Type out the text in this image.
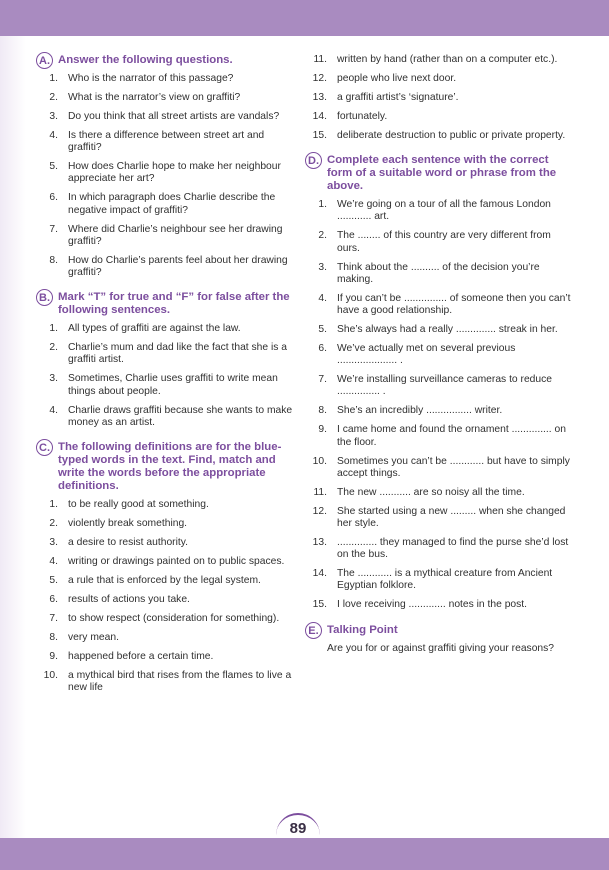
A. Answer the following questions.
1. Who is the narrator of this passage?
2. What is the narrator’s view on graffiti?
3. Do you think that all street artists are vandals?
4. Is there a difference between street art and graffiti?
5. How does Charlie hope to make her neighbour appreciate her art?
6. In which paragraph does Charlie describe the negative impact of graffiti?
7. Where did Charlie’s neighbour see her drawing graffiti?
8. How do Charlie’s parents feel about her drawing graffiti?
B. Mark “T” for true and “F” for false after the following sentences.
1. All types of graffiti are against the law.
2. Charlie’s mum and dad like the fact that she is a graffiti artist.
3. Sometimes, Charlie uses graffiti to write mean things about people.
4. Charlie draws graffiti because she wants to make money as an artist.
C. The following definitions are for the blue-typed words in the text. Find, match and write the words before the appropriate definitions.
1. to be really good at something.
2. violently break something.
3. a desire to resist authority.
4. writing or drawings painted on to public spaces.
5. a rule that is enforced by the legal system.
6. results of actions you take.
7. to show respect (consideration for something).
8. very mean.
9. happened before a certain time.
10. a mythical bird that rises from the flames to live a new life
11. written by hand (rather than on a computer etc.).
12. people who live next door.
13. a graffiti artist’s ‘signature’.
14. fortunately.
15. deliberate destruction to public or private property.
D. Complete each sentence with the correct form of a suitable word or phrase from the above.
1. We’re going on a tour of all the famous London ............ art.
2. The ........ of this country are very different from ours.
3. Think about the .......... of the decision you’re making.
4. If you can’t be ............... of someone then you can’t have a good relationship.
5. She’s always had a really .............. streak in her.
6. We’ve actually met on several previous ..................... .
7. We’re installing surveillance cameras to reduce ............... .
8. She’s an incredibly ................ writer.
9. I came home and found the ornament .............. on the floor.
10. Sometimes you can’t be ............ but have to simply accept things.
11. The new ........... are so noisy all the time.
12. She started using a new ......... when she changed her style.
13. .............. they managed to find the purse she’d lost on the bus.
14. The ............ is a mythical creature from Ancient Egyptian folklore.
15. I love receiving ............. notes in the post.
E. Talking Point
Are you for or against graffiti giving your reasons?
89
